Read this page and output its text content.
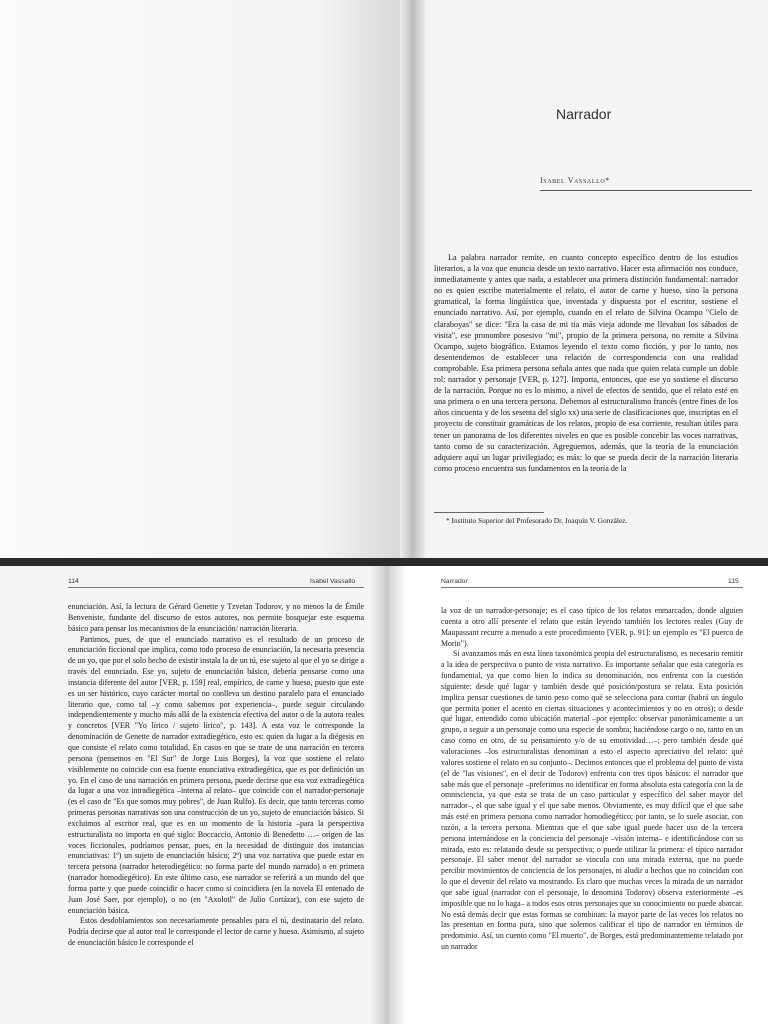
Narrador
Isabel Vassallo*

La palabra narrador remite, en cuanto concepto específico dentro de los estudios literarios, a la voz que enuncia desde un texto narrativo. Hacer esta afirmación nos conduce, inmediatamente y antes que nada, a establecer una primera distinción fundamental: narrador no es quien escribe materialmente el relato, el autor de carne y hueso, sino la persona gramatical, la forma lingüística que, inventada y dispuesta por el escritor, sostiene el enunciado narrativo. Así, por ejemplo, cuando en el relato de Silvina Ocampo "Cielo de claraboyas" se dice: "Era la casa de mi tía más vieja adonde me llevaban los sábados de visita", ese pronombre posesivo "mi", propio de la primera persona, no remite a Silvina Ocampo, sujeto biográfico. Estamos leyendo el texto como ficción, y por lo tanto, nos desentendemos de establecer una relación de correspondencia con una realidad comprobable. Esa primera persona señala antes que nada que quien relata cumple un doble rol: narrador y personaje [VER, p. 127]. Importa, entonces, que ese yo sostiene el discurso de la narración. Porque no es lo mismo, a nivel de efectos de sentido, que el relato esté en una primera o en una tercera persona. Debemos al estructuralismo francés (entre fines de los años cincuenta y de los sesenta del siglo xx) una serie de clasificaciones que, inscriptas en el proyecto de constituir gramáticas de los relatos, propio de esa corriente, resultan útiles para tener un panorama de los diferentes niveles en que es posible concebir las voces narrativas, tanto como de su caracterización. Agreguemos, además, que la teoría de la enunciación adquiere aquí un lugar privilegiado; es más: lo que se pueda decir de la narración literaria como proceso encuentra sus fundamentos en la teoría de la

* Instituto Superior del Profesorado Dr. Joaquín V. González.
114	Isabel Vassallo

enunciación. Así, la lectura de Gérard Genette y Tzvetan Todorov, y no menos la de Émile Benveniste, fundante del discurso de estos autores, nos permite bosquejar este esquema básico para pensar los mecanismos de la enunciación/ narración literaria.

Partimos, pues, de que el enunciado narrativo es el resultado de un proceso de enunciación ficcional que implica, como todo proceso de enunciación, la necesaria presencia de un yo, que por el solo hecho de existir instala la de un tú, ese sujeto al que el yo se dirige a través del enunciado. Ese yo, sujeto de enunciación básico, debería pensarse como una instancia diferente del autor [VER, p. 159] real, empírico, de carne y hueso, puesto que este es un ser histórico, cuyo carácter mortal no conlleva un destino paralelo para el enunciado literario que, como tal –y como sabemos por experiencia–, puede seguir circulando independientemente y mucho más allá de la existencia efectiva del autor o de la autora reales y concretos [VER "Yo lírico / sujeto lírico", p. 143]. A esta voz le corresponde la denominación de Genette de narrador extradiegético, esto es: quien da lugar a la diégesis en que consiste el relato como totalidad. En casos en que se trate de una narración en tercera persona (pensemos en "El Sur" de Jorge Luis Borges), la voz que sostiene el relato visiblemente no coincide con esa fuente enunciativa extradiegética, que es por definición un yo. En el caso de una narración en primera persona, puede decirse que esa voz extradiegética da lugar a una voz intradiegética –interna al relato– que coincide con el narrador-personaje (es el caso de "Es que somos muy pobres", de Juan Rulfo). Es decir, que tanto terceras como primeras personas narrativas son una construcción de un yo, sujeto de enunciación básico. Si excluimos al escritor real, que es en un momento de la historia –para la perspectiva estructuralista no importa en qué siglo: Boccaccio, Antonio di Benedetto …– origen de las voces ficcionales, podríamos pensar, pues, en la necesidad de distinguir dos instancias enunciativas: 1º) un sujeto de enunciación básico; 2º) una voz narrativa que puede estar en tercera persona (narrador heterodiegético: no forma parte del mundo narrado) o en primera (narrador homodiegético). En este último caso, ese narrador se referirá a un mundo del que forma parte y que puede coincidir o hacer como si coincidiera (en la novela El entenado de Juan José Saer, por ejemplo), o no (en "Axolotl" de Julio Cortázar), con ese sujeto de enunciación básica.

Estos desdoblamientos son necesariamente pensables para el tú, destinatario del relato. Podría decirse que al autor real le corresponde el lector de carne y hueso. Asimismo, al sujeto de enunciación básico le corresponde el

Narrador	115

la voz de un narrador-personaje; es el caso típico de los relatos enmarcados, donde alguien cuenta a otro allí presente el relato que están leyendo también los lectores reales (Guy de Maupassant recurre a menudo a este procedimiento [VER, p. 91]: un ejemplo es "El puerco de Morin").

Si avanzamos más en esta línea taxonómica propia del estructuralismo, es necesario remitir a la idea de perspectiva o punto de vista narrativo. Es importante señalar que esta categoría es fundamental, ya que como bien lo indica su denominación, nos enfrenta con la cuestión siguiente: desde qué lugar y también desde qué posición/postura se relata. Esta posición implica pensar cuestiones de tanto peso como qué se selecciona para contar (habrá un ángulo que permita poner el acento en ciertas situaciones y acontecimientos y no en otros); o desde qué lugar, entendido como ubicación material –por ejemplo: observar panorámicamente a un grupo, o seguir a un personaje como una especie de sombra; haciéndose cargo o no, tanto en un caso como en otro, de su pensamiento y/o de su emotividad…–; pero también desde qué valoraciones –los estructuralistas denominan a esto el aspecto apreciativo del relato: qué valores sostiene el relato en su conjunto–. Decimos entonces que el problema del punto de vista (el de "las visiones", en el decir de Todorov) enfrenta con tres tipos básicos: el narrador que sabe más que el personaje –preferimos no identificar en forma absoluta esta categoría con la de omnisciencia, ya que esta se trata de un caso particular y específico del saber mayor del narrador–, el que sabe igual y el que sabe menos. Obviamente, es muy difícil que el que sabe más esté en primera persona como narrador homodiegético; por tanto, se lo suele asociar, con razón, a la tercera persona. Mientras que el que sabe igual puede hacer uso de la tercera persona internándose en la conciencia del personaje –visión interna– e identificándose con su mirada, esto es: relatando desde su perspectiva; o puede utilizar la primera: el típico narrador personaje. El saber menor del narrador se vincula con una mirada externa, que no puede percibir movimientos de conciencia de los personajes, ni aludir a hechos que no coincidan con lo que el devenir del relato va mostrando. Es claro que muchas veces la mirada de un narrador que sabe igual (narrador con el personaje, lo denomina Todorov) observa exteriormente –es imposible que no lo haga– a todos esos otros personajes que su conocimiento no puede abarcar. No está demás decir que estas formas se combinan: la mayor parte de las veces los relatos no las presentan en forma pura, sino que solemos calificar el tipo de narrador en términos de predominio. Así, un cuento como "El muerto", de Borges, está predominantemente relatado por un narrador
